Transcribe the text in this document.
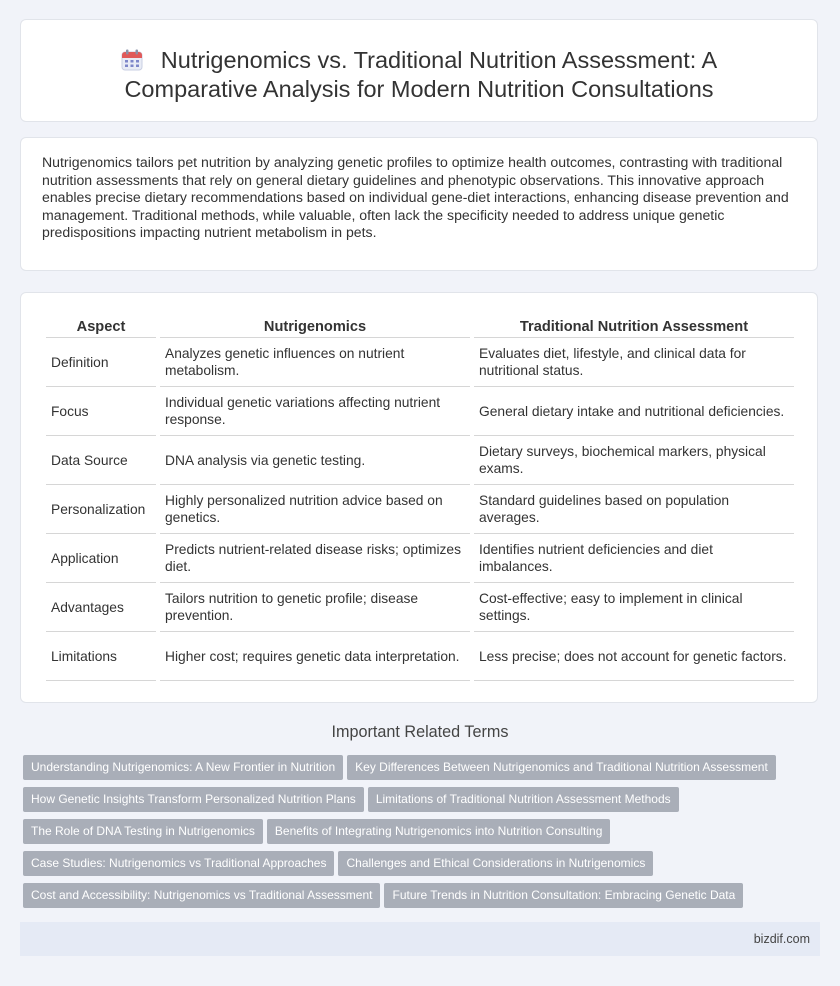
Nutrigenomics vs. Traditional Nutrition Assessment: A
Comparative Analysis for Modern Nutrition Consultations

Nutrigenomics tailors pet nutrition by analyzing genetic profiles to optimize health outcomes, contrasting with traditional nutrition assessments that rely on general dietary guidelines and phenotypic observations. This innovative approach enables precise dietary recommendations based on individual gene-diet interactions, enhancing disease prevention and management. Traditional methods, while valuable, often lack the specificity needed to address unique genetic predispositions impacting nutrient metabolism in pets.

Aspect	Nutrigenomics	Traditional Nutrition Assessment
Definition	Analyzes genetic influences on nutrient metabolism.	Evaluates diet, lifestyle, and clinical data for nutritional status.
Focus	Individual genetic variations affecting nutrient response.	General dietary intake and nutritional deficiencies.
Data Source	DNA analysis via genetic testing.	Dietary surveys, biochemical markers, physical exams.
Personalization	Highly personalized nutrition advice based on genetics.	Standard guidelines based on population averages.
Application	Predicts nutrient-related disease risks; optimizes diet.	Identifies nutrient deficiencies and diet imbalances.
Advantages	Tailors nutrition to genetic profile; disease prevention.	Cost-effective; easy to implement in clinical settings.
Limitations	Higher cost; requires genetic data interpretation.	Less precise; does not account for genetic factors.
Important Related Terms
Understanding Nutrigenomics: A New Frontier in Nutrition Key Differences Between Nutrigenomics and Traditional Nutrition Assessment
How Genetic Insights Transform Personalized Nutrition Plans Limitations of Traditional Nutrition Assessment Methods
The Role of DNA Testing in Nutrigenomics Benefits of Integrating Nutrigenomics into Nutrition Consulting
Case Studies: Nutrigenomics vs Traditional Approaches Challenges and Ethical Considerations in Nutrigenomics
Cost and Accessibility: Nutrigenomics vs Traditional Assessment Future Trends in Nutrition Consultation: Embracing Genetic Data
bizdif.com
